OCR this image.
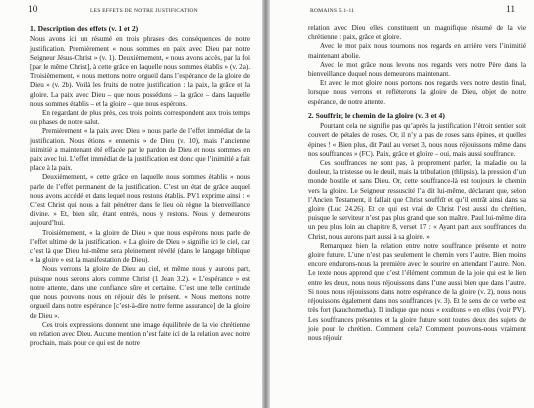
10	LES EFFETS DE NOTRE JUSTIFICATION
1. Description des effets (v. 1 et 2)

Nous avons ici un résumé en trois phrases des conséquences de notre justification. Premièrement « nous sommes en paix avec Dieu par notre Seigneur Jésus-Christ » (v. 1). Deuxièmement, « nous avons accès, par la foi [par le même Christ], à cette grâce en laquelle nous sommes établis » (v. 2a). Troisièmement, « nous mettons notre orgueil dans l’espérance de la gloire de Dieu » (v. 2b). Voilà les fruits de notre justification : la paix, la grâce et la gloire. La paix avec Dieu – que nous possédons – la grâce – dans laquelle nous sommes établis – et la gloire – que nous espérons.

En regardant de plus près, ces trois points correspondent aux trois temps ou phases de notre salut.

Premièrement « la paix avec Dieu » nous parle de l’effet immédiat de la justification. Nous étions « ennemis » de Dieu (v. 10), mais l’ancienne inimitié a maintenant été effacée par le pardon de Dieu et nous sommes en paix avec lui. L’effet immédiat de la justification est donc que l’inimitié a fait place à la paix.

Deuxièmement, « cette grâce en laquelle nous sommes établis » nous parle de l’effet permanent de la justification. C’est un état de grâce auquel nous avons accédé et dans lequel nous restons établis. PV1 exprime ainsi : « C’est Christ qui nous a fait pénétrer dans le lieu où règne la bienveillance divine. » Et, bien sûr, étant entrés, nous y restons. Nous y demeurons aujourd’hui.

Troisièmement, « la gloire de Dieu » que nous espérons nous parle de l’effet ultime de la justification. « La gloire de Dieu » signifie ici le ciel, car c’est là que Dieu lui-même sera pleinement révélé (dans le langage biblique « la gloire » est la manifestation de Dieu).

Nous verrons la gloire de Dieu au ciel, et même nous y aurons part, puisque nous serons alors comme Christ (1 Jean 3.2). « L’espérance » est notre attente, dans une confiance sûre et certaine. C’est une telle certitude que nous pouvons nous en réjouir dès le présent. « Nous mettons notre orgueil dans notre espérance [c’est-à-dire notre ferme assurance] de la gloire de Dieu ».

Ces trois expressions donnent une image équilibrée de la vie chrétienne en relation avec Dieu. Aucune mention n’est faite ici de la relation avec notre prochain, mais pour ce qui est de notre

ROMAINS 5.1-11	11

relation avec Dieu elles constituent un magnifique résumé de la vie chrétienne : paix, grâce et gloire.

Avec le mot paix nous tournons nos regards en arrière vers l’inimitié maintenant abolie.

Avec le mot grâce nous levons nos regards vers notre Père dans la bienveillance duquel nous demeurons maintenant.

Et avec le mot gloire nous portons nos regards vers notre destin final, lorsque nous verrons et refléterons la gloire de Dieu, objet de notre espérance, de notre attente.

2. Souffrir, le chemin de la gloire (v. 3 et 4)

Pourtant cela ne signifie pas qu’après la justification l’étroit sentier soit couvert de pétales de roses. Or, il n’y a pas de roses sans épines, et quelles épines ! « Bien plus, dit Paul au verset 3, nous nous réjouissons même dans nos souffrances » (FC). Paix, grâce et gloire – oui, mais aussi souffrance.

Ces souffrances ne sont pas, à proprement parler, la maladie ou la douleur, la tristesse ou le deuil, mais la tribulation (thlipsis), la pression d’un monde hostile et sans Dieu. Or, cette souffrance-là est toujours le chemin vers la gloire. Le Seigneur ressuscité l’a dit lui-même, déclarant que, selon l’Ancien Testament, il fallait que Christ souffrît et qu’il entrât ainsi dans sa gloire (Luc 24.26). Et ce qui est vrai de Christ l’est aussi du chrétien, puisque le serviteur n’est pas plus grand que son maître. Paul lui-même dira un peu plus loin au chapitre 8, verset 17 : « Ayant part aux souffrances du Christ, nous aurons part aussi à sa gloire. »

Remarquez bien la relation entre notre souffrance présente et notre gloire future. L’une n’est pas seulement le chemin vers l’autre. Bien moins encore endurons-nous la première avec le sourire en attendant l’autre. Non. Le texte nous apprend que c’est l’élément commun de la joie qui est le lien entre les deux, nous nous réjouissons dans l’une aussi bien que dans l’autre. Si nous nous réjouissons dans notre espérance de la gloire (v. 2), nous nous réjouissons également dans nos souffrances (v. 3). Et le sens de ce verbe est très fort (kauchometha). Il indique que nous « exultons » en elles (voir PV). Les souffrances présentes et la gloire future sont toutes deux des sujets de joie pour le chrétien. Comment cela? Comment pouvons-nous vraiment nous réjouir
